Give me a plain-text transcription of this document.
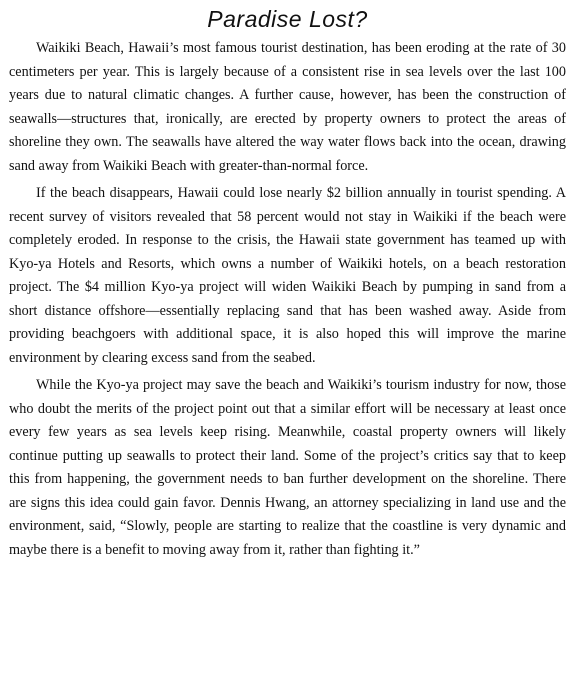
Paradise Lost?

Waikiki Beach, Hawaii’s most famous tourist destination, has been eroding at the rate of 30 centimeters per year. This is largely because of a consistent rise in sea levels over the last 100 years due to natural climatic changes. A further cause, however, has been the construction of seawalls—structures that, ironically, are erected by property owners to protect the areas of shoreline they own. The seawalls have altered the way water flows back into the ocean, drawing sand away from Waikiki Beach with greater-than-normal force.

If the beach disappears, Hawaii could lose nearly $2 billion annually in tourist spending. A recent survey of visitors revealed that 58 percent would not stay in Waikiki if the beach were completely eroded. In response to the crisis, the Hawaii state government has teamed up with Kyo-ya Hotels and Resorts, which owns a number of Waikiki hotels, on a beach restoration project. The $4 million Kyo-ya project will widen Waikiki Beach by pumping in sand from a short distance offshore—essentially replacing sand that has been washed away. Aside from providing beachgoers with additional space, it is also hoped this will improve the marine environment by clearing excess sand from the seabed.

While the Kyo-ya project may save the beach and Waikiki’s tourism industry for now, those who doubt the merits of the project point out that a similar effort will be necessary at least once every few years as sea levels keep rising. Meanwhile, coastal property owners will likely continue putting up seawalls to protect their land. Some of the project’s critics say that to keep this from happening, the government needs to ban further development on the shoreline. There are signs this idea could gain favor. Dennis Hwang, an attorney specializing in land use and the environment, said, “Slowly, people are starting to realize that the coastline is very dynamic and maybe there is a benefit to moving away from it, rather than fighting it.”
